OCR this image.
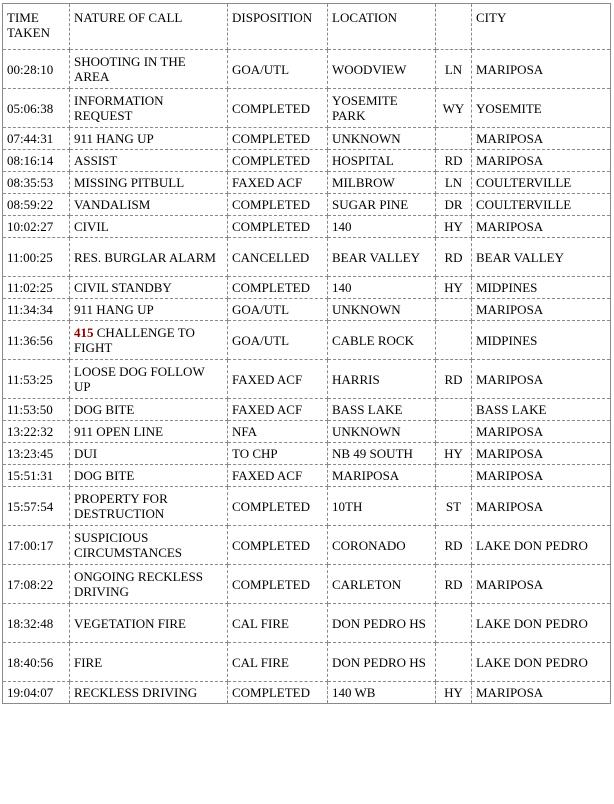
TIME TAKEN	NATURE OF CALL	DISPOSITION	LOCATION		CITY
00:28:10	SHOOTING IN THE AREA	GOA/UTL	WOODVIEW	LN	MARIPOSA
05:06:38	INFORMATION REQUEST	COMPLETED	YOSEMITE PARK	WY	YOSEMITE
07:44:31	911 HANG UP	COMPLETED	UNKNOWN		MARIPOSA
08:16:14	ASSIST	COMPLETED	HOSPITAL	RD	MARIPOSA
08:35:53	MISSING PITBULL	FAXED ACF	MILBROW	LN	COULTERVILLE
08:59:22	VANDALISM	COMPLETED	SUGAR PINE	DR	COULTERVILLE
10:02:27	CIVIL	COMPLETED	140	HY	MARIPOSA
11:00:25	RES. BURGLAR ALARM	CANCELLED	BEAR VALLEY	RD	BEAR VALLEY
11:02:25	CIVIL STANDBY	COMPLETED	140	HY	MIDPINES
11:34:34	911 HANG UP	GOA/UTL	UNKNOWN		MARIPOSA
11:36:56	415 CHALLENGE TO FIGHT	GOA/UTL	CABLE ROCK		MIDPINES
11:53:25	LOOSE DOG FOLLOW UP	FAXED ACF	HARRIS	RD	MARIPOSA
11:53:50	DOG BITE	FAXED ACF	BASS LAKE		BASS LAKE
13:22:32	911 OPEN LINE	NFA	UNKNOWN		MARIPOSA
13:23:45	DUI	TO CHP	NB 49 SOUTH	HY	MARIPOSA
15:51:31	DOG BITE	FAXED ACF	MARIPOSA		MARIPOSA
15:57:54	PROPERTY FOR DESTRUCTION	COMPLETED	10TH	ST	MARIPOSA
17:00:17	SUSPICIOUS CIRCUMSTANCES	COMPLETED	CORONADO	RD	LAKE DON PEDRO
17:08:22	ONGOING RECKLESS DRIVING	COMPLETED	CARLETON	RD	MARIPOSA
18:32:48	VEGETATION FIRE	CAL FIRE	DON PEDRO HS		LAKE DON PEDRO
18:40:56	FIRE	CAL FIRE	DON PEDRO HS		LAKE DON PEDRO
19:04:07	RECKLESS DRIVING	COMPLETED	140 WB	HY	MARIPOSA
